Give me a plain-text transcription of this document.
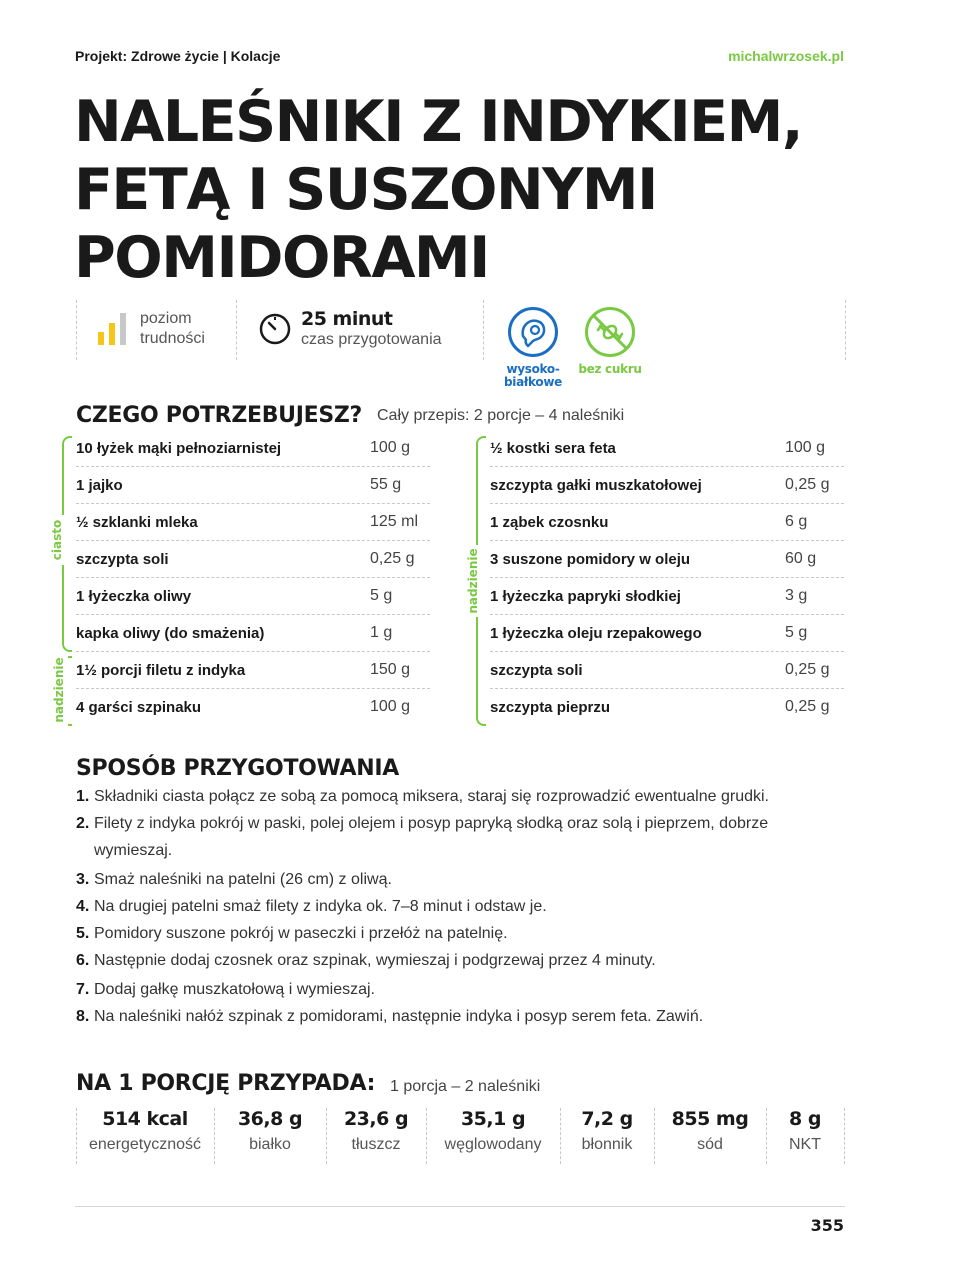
Projekt: Zdrowe życie | Kolacje	michalwrzosek.pl
NALEŚNIKI Z INDYKIEM,
FETĄ I SUSZONYMI
POMIDORAMI
poziom
trudności
25 minut
czas przygotowania
wysoko-
białkowe
bez cukru
CZEGO POTRZEBUJESZ? Cały przepis: 2 porcje – 4 naleśniki
ciasto
nadzienie
nadzienie
10 łyżek mąki pełnoziarnistej	100 g
1 jajko	55 g
½ szklanki mleka	125 ml
szczypta soli	0,25 g
1 łyżeczka oliwy	5 g
kapka oliwy (do smażenia)	1 g
1½ porcji filetu z indyka	150 g
4 garści szpinaku	100 g
½ kostki sera feta	100 g
szczypta gałki muszkatołowej	0,25 g
1 ząbek czosnku	6 g
3 suszone pomidory w oleju	60 g
1 łyżeczka papryki słodkiej	3 g
1 łyżeczka oleju rzepakowego	5 g
szczypta soli	0,25 g
szczypta pieprzu	0,25 g
SPOSÓB PRZYGOTOWANIA
1. Składniki ciasta połącz ze sobą za pomocą miksera, staraj się rozprowadzić ewentualne grudki.
2. Filety z indyka pokrój w paski, polej olejem i posyp papryką słodką oraz solą i pieprzem, dobrze wymieszaj.
3. Smaż naleśniki na patelni (26 cm) z oliwą.
4. Na drugiej patelni smaż filety z indyka ok. 7–8 minut i odstaw je.
5. Pomidory suszone pokrój w paseczki i przełóż na patelnię.
6. Następnie dodaj czosnek oraz szpinak, wymieszaj i podgrzewaj przez 4 minuty.
7. Dodaj gałkę muszkatołową i wymieszaj.
8. Na naleśniki nałóż szpinak z pomidorami, następnie indyka i posyp serem feta. Zawiń.
NA 1 PORCJĘ PRZYPADA: 1 porcja – 2 naleśniki
514 kcal
energetyczność
36,8 g
białko
23,6 g
tłuszcz
35,1 g
węglowodany
7,2 g
błonnik
855 mg
sód
8 g
NKT
355
